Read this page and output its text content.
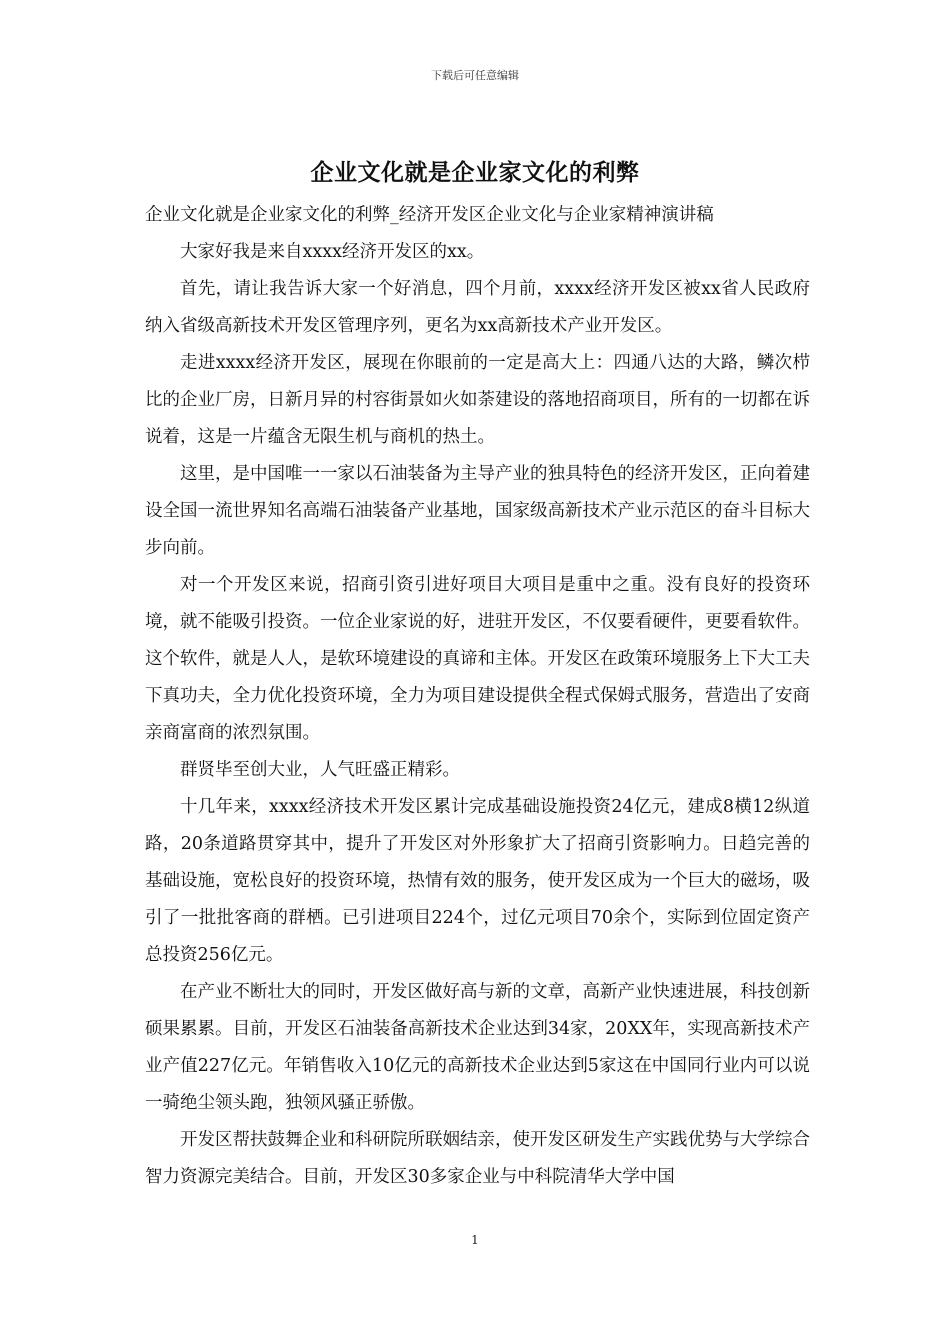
下载后可任意编辑
企业文化就是企业家文化的利弊

企业文化就是企业家文化的利弊_经济开发区企业文化与企业家精神演讲稿

大家好我是来自xxxx经济开发区的xx。

首先，请让我告诉大家一个好消息，四个月前，xxxx经济开发区被xx省人民政府纳入省级高新技术开发区管理序列，更名为xx高新技术产业开发区。

走进xxxx经济开发区，展现在你眼前的一定是高大上：四通八达的大路，鳞次栉比的企业厂房，日新月异的村容街景如火如荼建设的落地招商项目，所有的一切都在诉说着，这是一片蕴含无限生机与商机的热土。

这里，是中国唯一一家以石油装备为主导产业的独具特色的经济开发区，正向着建设全国一流世界知名高端石油装备产业基地，国家级高新技术产业示范区的奋斗目标大步向前。

对一个开发区来说，招商引资引进好项目大项目是重中之重。没有良好的投资环境，就不能吸引投资。一位企业家说的好，进驻开发区，不仅要看硬件，更要看软件。这个软件，就是人人，是软环境建设的真谛和主体。开发区在政策环境服务上下大工夫下真功夫，全力优化投资环境，全力为项目建设提供全程式保姆式服务，营造出了安商亲商富商的浓烈氛围。

群贤毕至创大业，人气旺盛正精彩。

十几年来，xxxx经济技术开发区累计完成基础设施投资24亿元，建成8横12纵道路，20条道路贯穿其中，提升了开发区对外形象扩大了招商引资影响力。日趋完善的基础设施，宽松良好的投资环境，热情有效的服务，使开发区成为一个巨大的磁场，吸引了一批批客商的群栖。已引进项目224个，过亿元项目70余个，实际到位固定资产总投资256亿元。

在产业不断壮大的同时，开发区做好高与新的文章，高新产业快速进展，科技创新硕果累累。目前，开发区石油装备高新技术企业达到34家，20XX年，实现高新技术产业产值227亿元。年销售收入10亿元的高新技术企业达到5家这在中国同行业内可以说一骑绝尘领头跑，独领风骚正骄傲。

开发区帮扶鼓舞企业和科研院所联姻结亲，使开发区研发生产实践优势与大学综合智力资源完美结合。目前，开发区30多家企业与中科院清华大学中国

1
